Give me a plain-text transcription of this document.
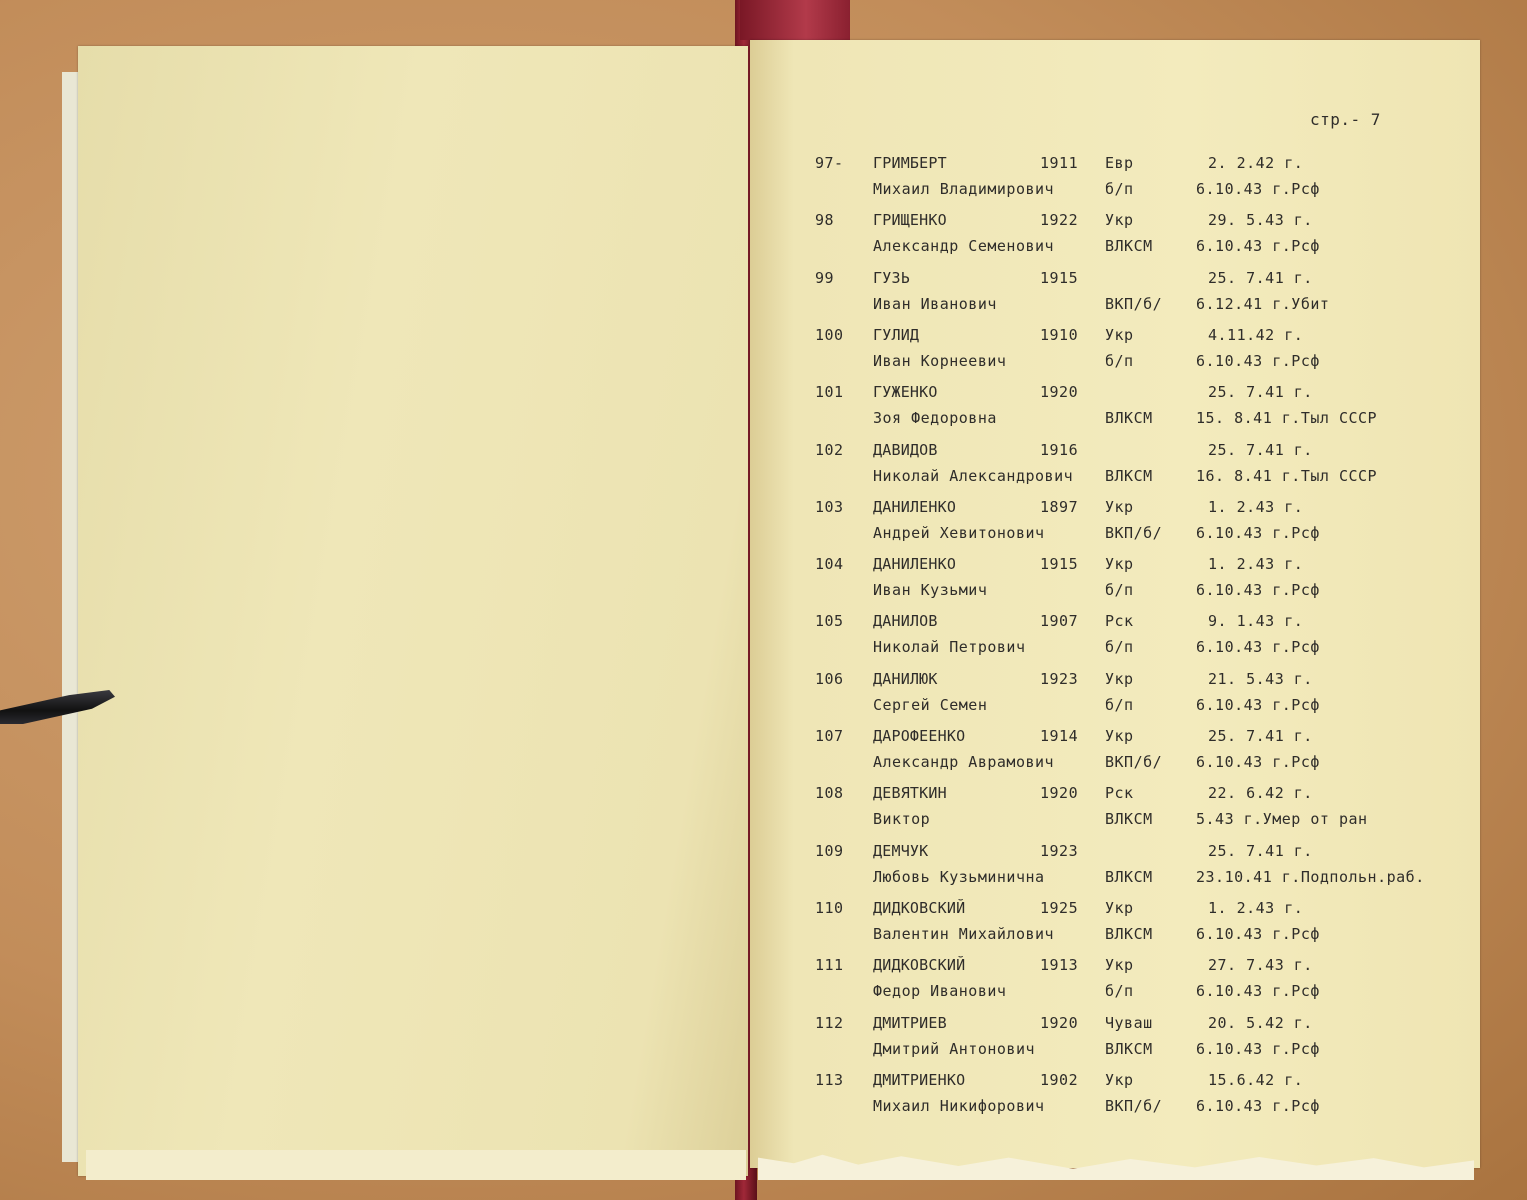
стр.- 7
97- ГРИМБЕРТ	1911 Евр	2. 2.42 г.
Михаил Владимирович	б/п	6.10.43 г.Рсф
98	ГРИЩЕНКО	1922 Укр	29. 5.43 г.
Александр Семенович	ВЛКСМ	6.10.43 г.Рсф
99	ГУЗЬ	1915	25. 7.41 г.
Иван Иванович	ВКП/б/ 6.12.41 г.Убит
100 ГУЛИД	1910 Укр	4.11.42 г.
Иван Корнеевич	б/п	6.10.43 г.Рсф
101 ГУЖЕНКО	1920	25. 7.41 г.
Зоя Федоровна	ВЛКСМ	15. 8.41 г.Тыл СССР
102 ДАВИДОВ	1916	25. 7.41 г.
Николай Александрович ВЛКСМ	16. 8.41 г.Тыл СССР
103 ДАНИЛЕНКО	1897 Укр	1. 2.43 г.
Андрей Хевитонович	ВКП/б/ 6.10.43 г.Рсф
104 ДАНИЛЕНКО	1915 Укр	1. 2.43 г.
Иван Кузьмич	б/п	6.10.43 г.Рсф
105 ДАНИЛОВ	1907 Рск	9. 1.43 г.
Николай Петрович	б/п	6.10.43 г.Рсф
106 ДАНИЛЮК	1923 Укр	21. 5.43 г.
Сергей Семен	б/п	6.10.43 г.Рсф
107 ДАРОФЕЕНКО	1914 Укр	25. 7.41 г.
Александр Аврамович	ВКП/б/ 6.10.43 г.Рсф
108 ДЕВЯТКИН	1920 Рск	22. 6.42 г.
Виктор	ВЛКСМ	5.43 г.Умер от ран
109 ДЕМЧУК	1923	25. 7.41 г.
Любовь Кузьминична	ВЛКСМ	23.10.41 г.Подпольн.раб.
110 ДИДКОВСКИЙ	1925 Укр	1. 2.43 г.
Валентин Михайлович	ВЛКСМ	6.10.43 г.Рсф
111 ДИДКОВСКИЙ	1913 Укр	27. 7.43 г.
Федор Иванович	б/п	6.10.43 г.Рсф
112 ДМИТРИЕВ	1920 Чуваш	20. 5.42 г.
Дмитрий Антонович	ВЛКСМ	6.10.43 г.Рсф
113 ДМИТРИЕНКО	1902 Укр	15.6.42 г.
Михаил Никифорович	ВКП/б/ 6.10.43 г.Рсф
